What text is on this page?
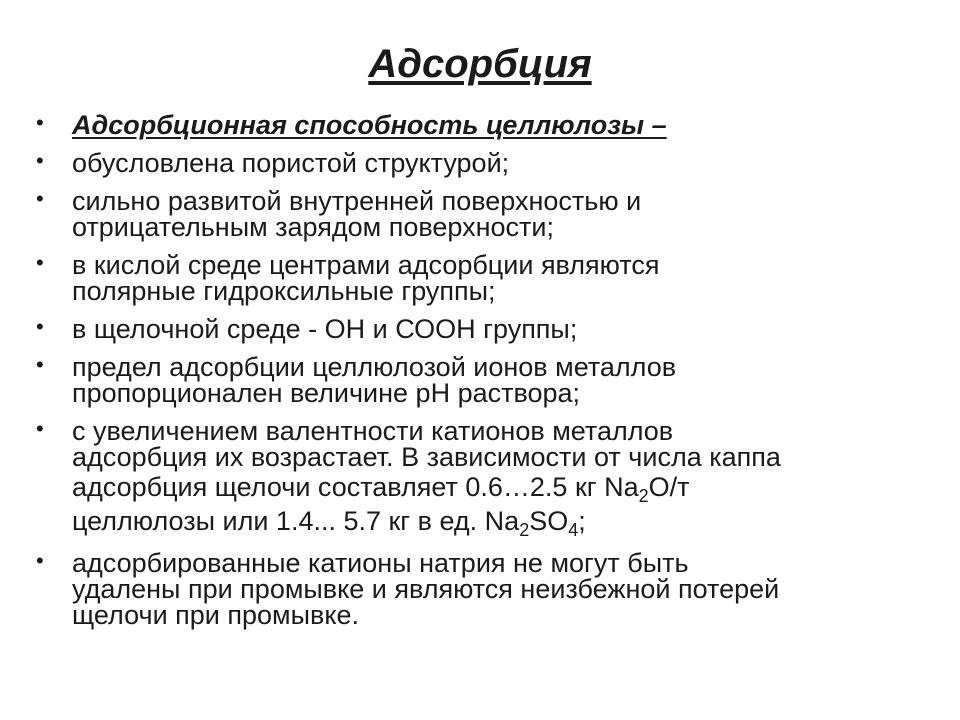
Адсорбция
• Адсорбционная способность целлюлозы –
• обусловлена пористой структурой;
• сильно развитой внутренней поверхностью и
отрицательным зарядом поверхности;
• в кислой среде центрами адсорбции являются
полярные гидроксильные группы;
• в щелочной среде - ОН и СООН группы;
• предел адсорбции целлюлозой ионов металлов
пропорционален величине рН раствора;
• с увеличением валентности катионов металлов
адсорбция их возрастает. В зависимости от числа каппа
адсорбция щелочи составляет 0.6…2.5 кг $Na_2О/т$
целлюлозы или 1.4... 5.7 кг в ед. $Na_2SO_4$;
• адсорбированные катионы натрия не могут быть
удалены при промывке и являются неизбежной потерей
щелочи при промывке.
